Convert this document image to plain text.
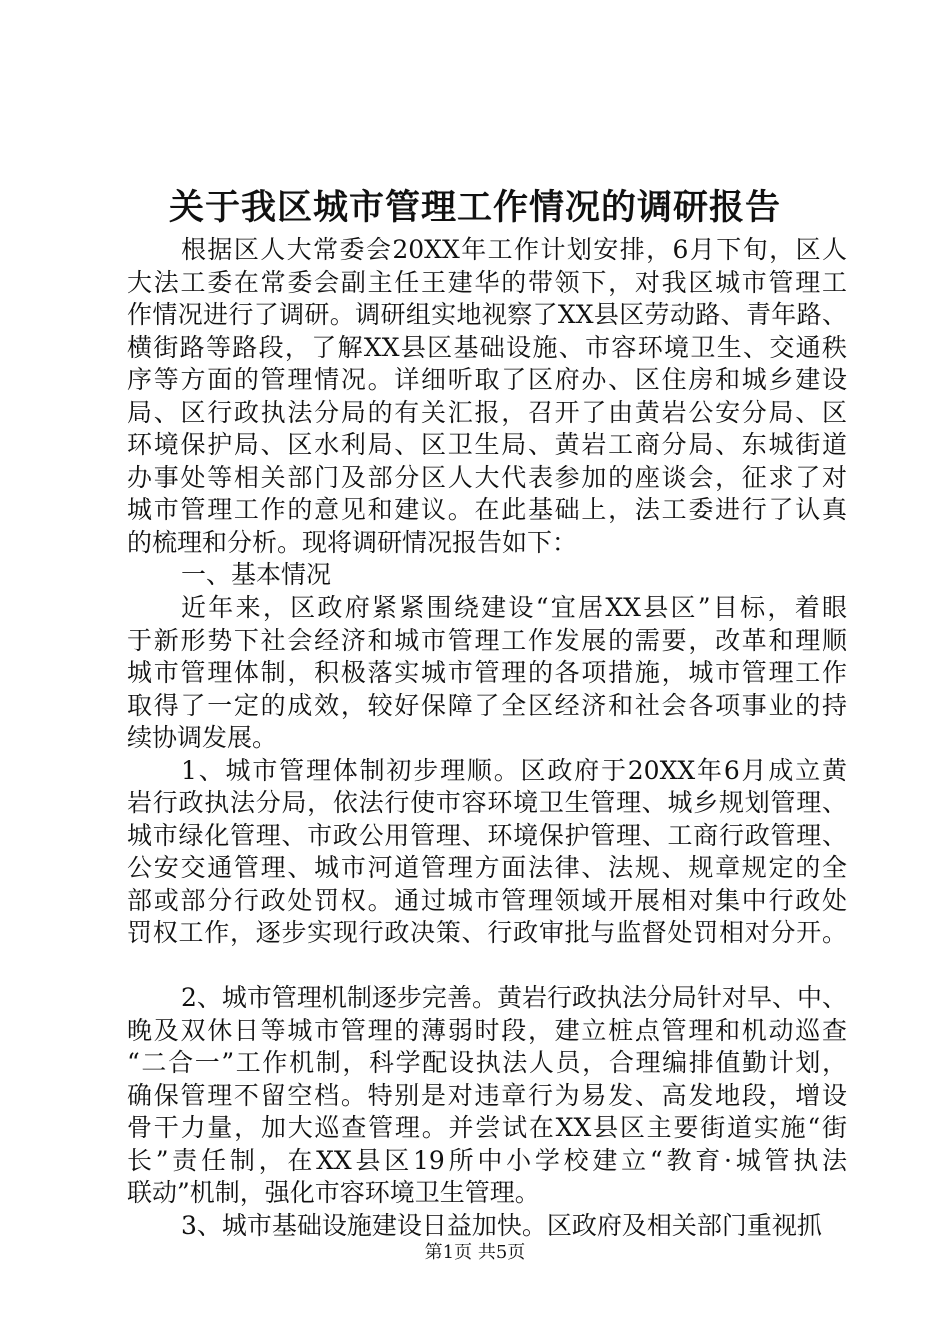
关于我区城市管理工作情况的调研报告
根据区人大常委会20XX年工作计划安排，6月下旬，区人
大法工委在常委会副主任王建华的带领下，对我区城市管理工
作情况进行了调研。调研组实地视察了XX县区劳动路、青年路、
横街路等路段，了解XX县区基础设施、市容环境卫生、交通秩
序等方面的管理情况。详细听取了区府办、区住房和城乡建设
局、区行政执法分局的有关汇报，召开了由黄岩公安分局、区
环境保护局、区水利局、区卫生局、黄岩工商分局、东城街道
办事处等相关部门及部分区人大代表参加的座谈会，征求了对
城市管理工作的意见和建议。在此基础上，法工委进行了认真
的梳理和分析。现将调研情况报告如下：
一、基本情况
近年来，区政府紧紧围绕建设“宜居XX县区”目标，着眼
于新形势下社会经济和城市管理工作发展的需要，改革和理顺
城市管理体制，积极落实城市管理的各项措施，城市管理工作
取得了一定的成效，较好保障了全区经济和社会各项事业的持
续协调发展。
1、城市管理体制初步理顺。区政府于20XX年6月成立黄
岩行政执法分局，依法行使市容环境卫生管理、城乡规划管理、
城市绿化管理、市政公用管理、环境保护管理、工商行政管理、
公安交通管理、城市河道管理方面法律、法规、规章规定的全
部或部分行政处罚权。通过城市管理领域开展相对集中行政处
罚权工作，逐步实现行政决策、行政审批与监督处罚相对分开。
2、城市管理机制逐步完善。黄岩行政执法分局针对早、中、
晚及双休日等城市管理的薄弱时段，建立桩点管理和机动巡查
“二合一”工作机制，科学配设执法人员，合理编排值勤计划，
确保管理不留空档。特别是对违章行为易发、高发地段，增设
骨干力量，加大巡查管理。并尝试在XX县区主要街道实施“街
长”责任制，在XX县区19所中小学校建立“教育·城管执法
联动”机制，强化市容环境卫生管理。
3、城市基础设施建设日益加快。区政府及相关部门重视抓
第1页 共5页
